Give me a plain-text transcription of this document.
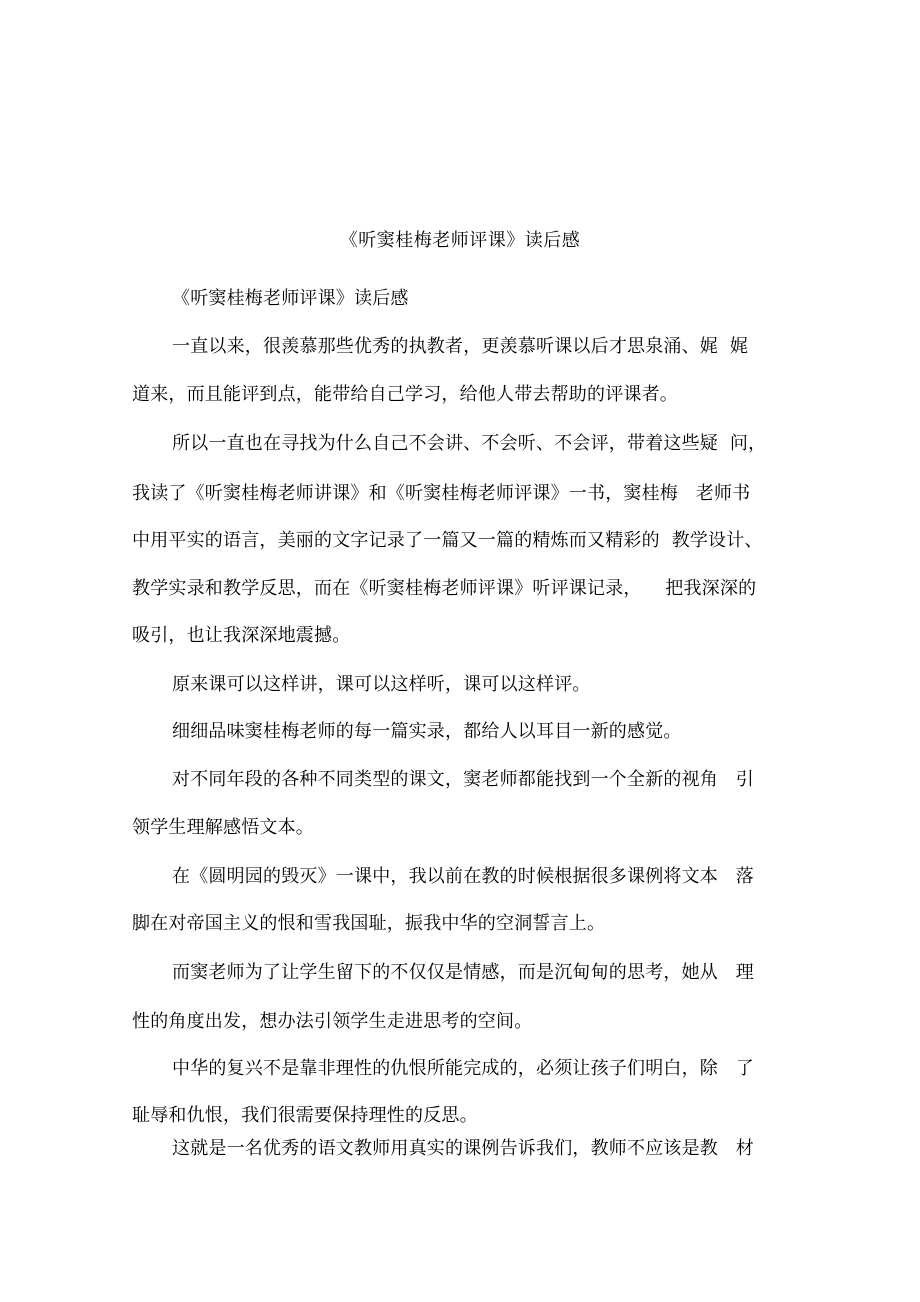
《听窦桂梅老师评课》读后感
《听窦桂梅老师评课》读后感
一直以来，很羡慕那些优秀的执教者，更羡慕听课以后才思泉涌、娓  娓
道来，而且能评到点，能带给自己学习，给他人带去帮助的评课者。
所以一直也在寻找为什么自己不会讲、不会听、不会评，带着这些疑  问，
我读了《听窦桂梅老师讲课》和《听窦桂梅老师评课》一书，窦桂梅   老师书
中用平实的语言，美丽的文字记录了一篇又一篇的精炼而又精彩的  教学设计、
教学实录和教学反思，而在《听窦桂梅老师评课》听评课记录，    把我深深的
吸引，也让我深深地震撼。
原来课可以这样讲，课可以这样听，课可以这样评。
细细品味窦桂梅老师的每一篇实录，都给人以耳目一新的感觉。
对不同年段的各种不同类型的课文，窦老师都能找到一个全新的视角   引
领学生理解感悟文本。
在《圆明园的毁灭》一课中，我以前在教的时候根据很多课例将文本   落
脚在对帝国主义的恨和雪我国耻，振我中华的空洞誓言上。
而窦老师为了让学生留下的不仅仅是情感，而是沉甸甸的思考，她从   理
性的角度出发，想办法引领学生走进思考的空间。
中华的复兴不是靠非理性的仇恨所能完成的，必须让孩子们明白，除   了
耻辱和仇恨，我们很需要保持理性的反思。
这就是一名优秀的语文教师用真实的课例告诉我们，教师不应该是教   材
